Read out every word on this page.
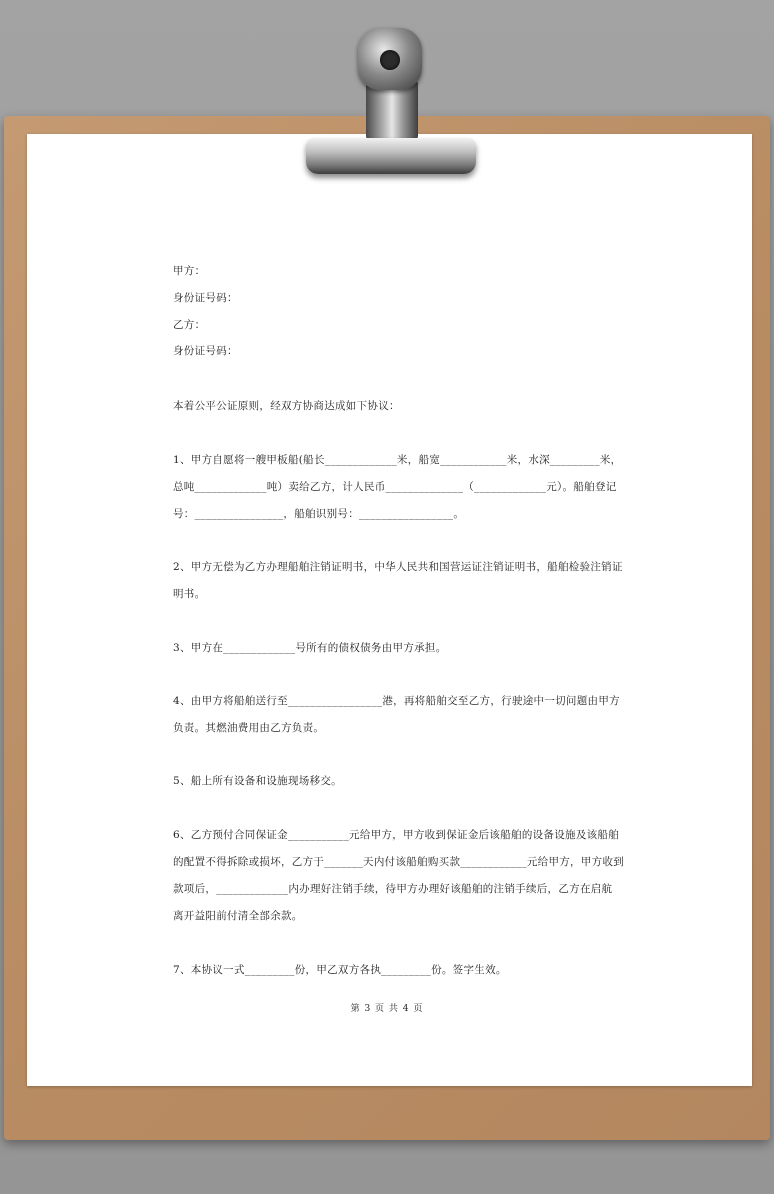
甲方：
身份证号码：
乙方：
身份证号码：
本着公平公证原则，经双方协商达成如下协议：
1、甲方自愿将一艘甲板船(船长_____________米，船宽____________米，水深_________米，
总吨_____________吨）卖给乙方，计人民币______________（_____________元）。船舶登记
号：________________，船舶识别号：_________________。
2、甲方无偿为乙方办理船舶注销证明书，中华人民共和国营运证注销证明书，船舶检验注销证
明书。
3、甲方在_____________号所有的债权债务由甲方承担。
4、由甲方将船舶送行至_________________港，再将船舶交至乙方，行驶途中一切问题由甲方
负责。其燃油费用由乙方负责。
5、船上所有设备和设施现场移交。
6、乙方预付合同保证金___________元给甲方，甲方收到保证金后该船舶的设备设施及该船舶
的配置不得拆除或损坏，乙方于_______天内付该船舶购买款____________元给甲方，甲方收到
款项后，_____________内办理好注销手续，待甲方办理好该船舶的注销手续后，乙方在启航
离开益阳前付清全部余款。
7、本协议一式_________份，甲乙双方各执_________份。签字生效。
第 3 页 共 4 页
